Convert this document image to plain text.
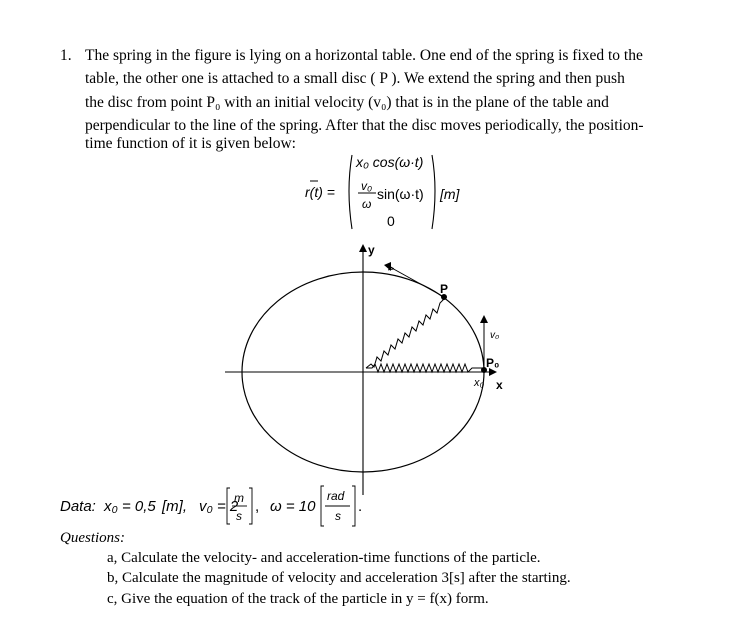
1. The spring in the figure is lying on a horizontal table. One end of the spring is fixed to the
table, the other one is attached to a small disc ( P ). We extend the spring and then push
the disc from point P₀ with an initial velocity (v₀) that is in the plane of the table and
perpendicular to the line of the spring. After that the disc moves periodically, the position-
time function of it is given below:
r(t) =
x₀ cos(ω·t)
v₀
ω
sin(ω·t)
0
[m]
y
x
P
v
P₀
v₀
x₀
Data: x₀ = 0,5 [m], v₀ = 2
m
s
, ω = 10
rad
s
.
Questions:
a, Calculate the velocity- and acceleration-time functions of the particle.
b, Calculate the magnitude of velocity and acceleration 3[s] after the starting.
c, Give the equation of the track of the particle in y = f(x) form.
